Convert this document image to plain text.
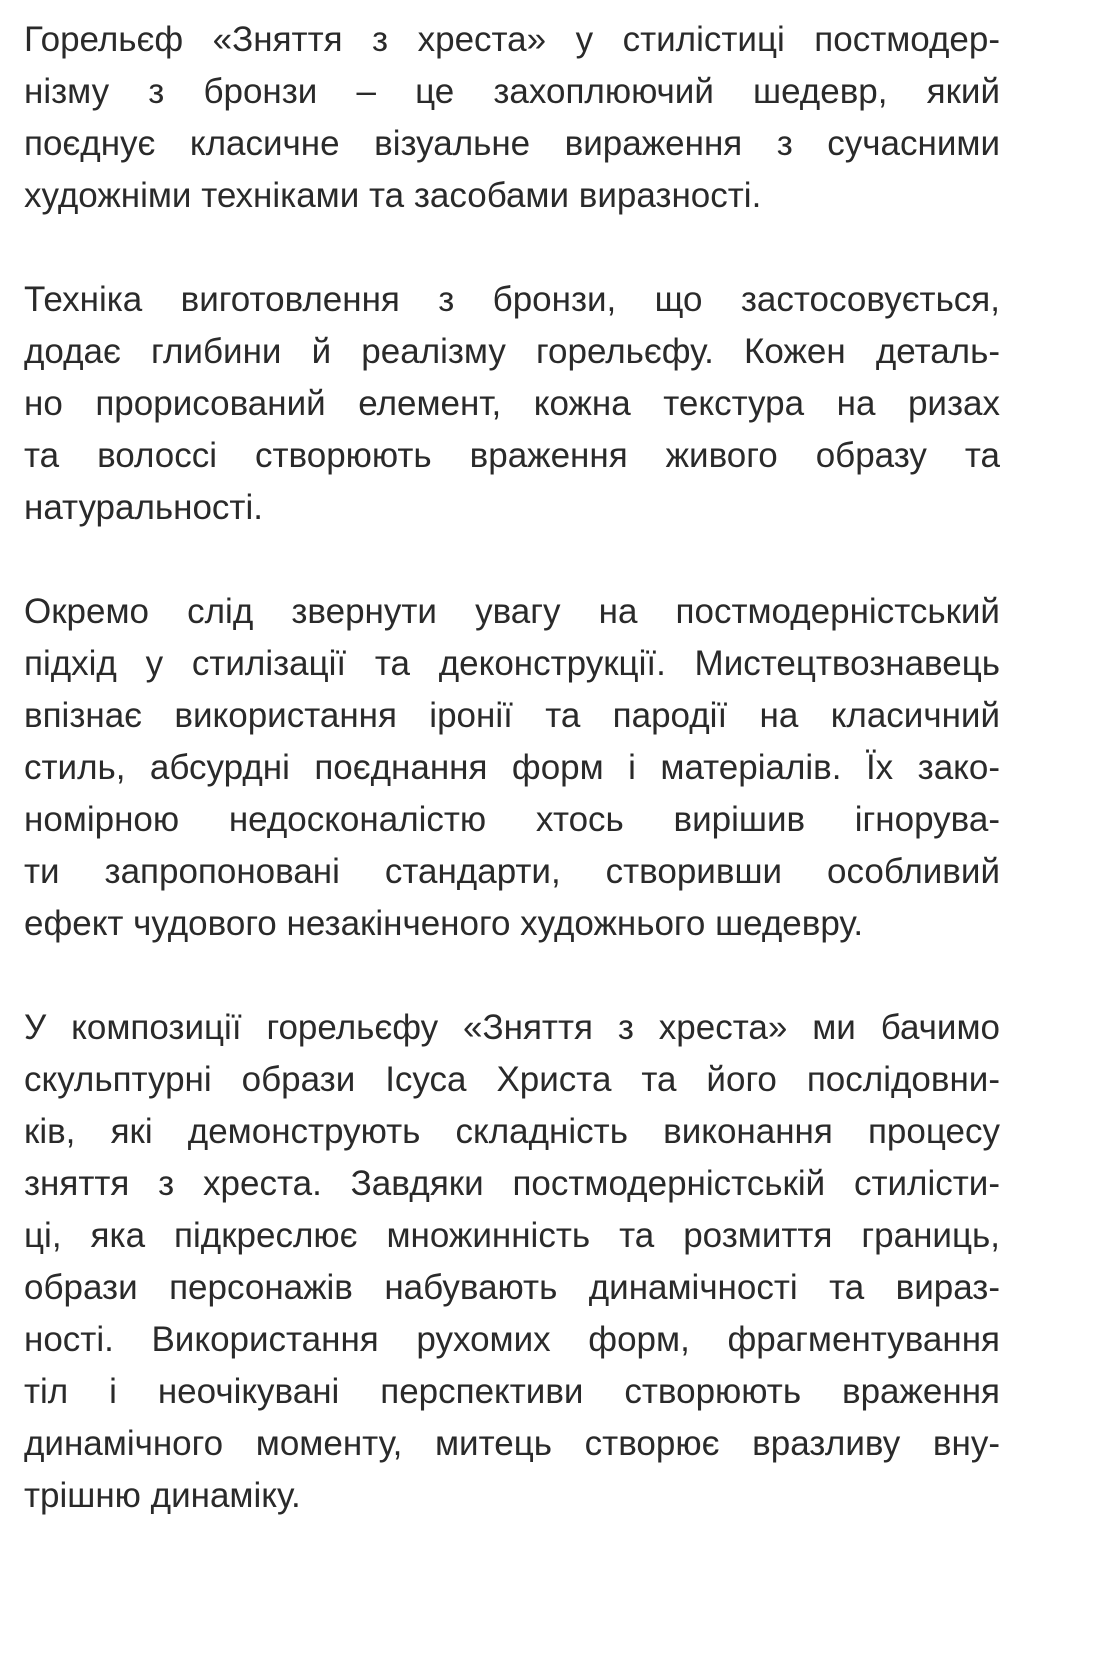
Горельєф «Зняття з хреста» у стилістиці постмодер-
нізму з бронзи – це захоплюючий шедевр, який
поєднує класичне візуальне вираження з сучасними
художніми техніками та засобами виразності.

Техніка виготовлення з бронзи, що застосовується,
додає глибини й реалізму горельєфу. Кожен деталь-
но прорисований елемент, кожна текстура на ризах
та волоссі створюють враження живого образу та
натуральності.

Окремо слід звернути увагу на постмодерністський
підхід у стилізації та деконструкції. Мистецтвознавець
впізнає використання іронії та пародії на класичний
стиль, абсурдні поєднання форм і матеріалів. Їх зако-
номірною недосконалістю хтось вирішив ігнорува-
ти запропоновані стандарти, створивши особливий
ефект чудового незакінченого художнього шедевру.

У композиції горельєфу «Зняття з хреста» ми бачимо
скульптурні образи Ісуса Христа та його послідовни-
ків, які демонструють складність виконання процесу
зняття з хреста. Завдяки постмодерністській стилісти-
ці, яка підкреслює множинність та розмиття границь,
образи персонажів набувають динамічності та вираз-
ності. Використання рухомих форм, фрагментування
тіл і неочікувані перспективи створюють враження
динамічного моменту, митець створює вразливу вну-
трішню динаміку.
